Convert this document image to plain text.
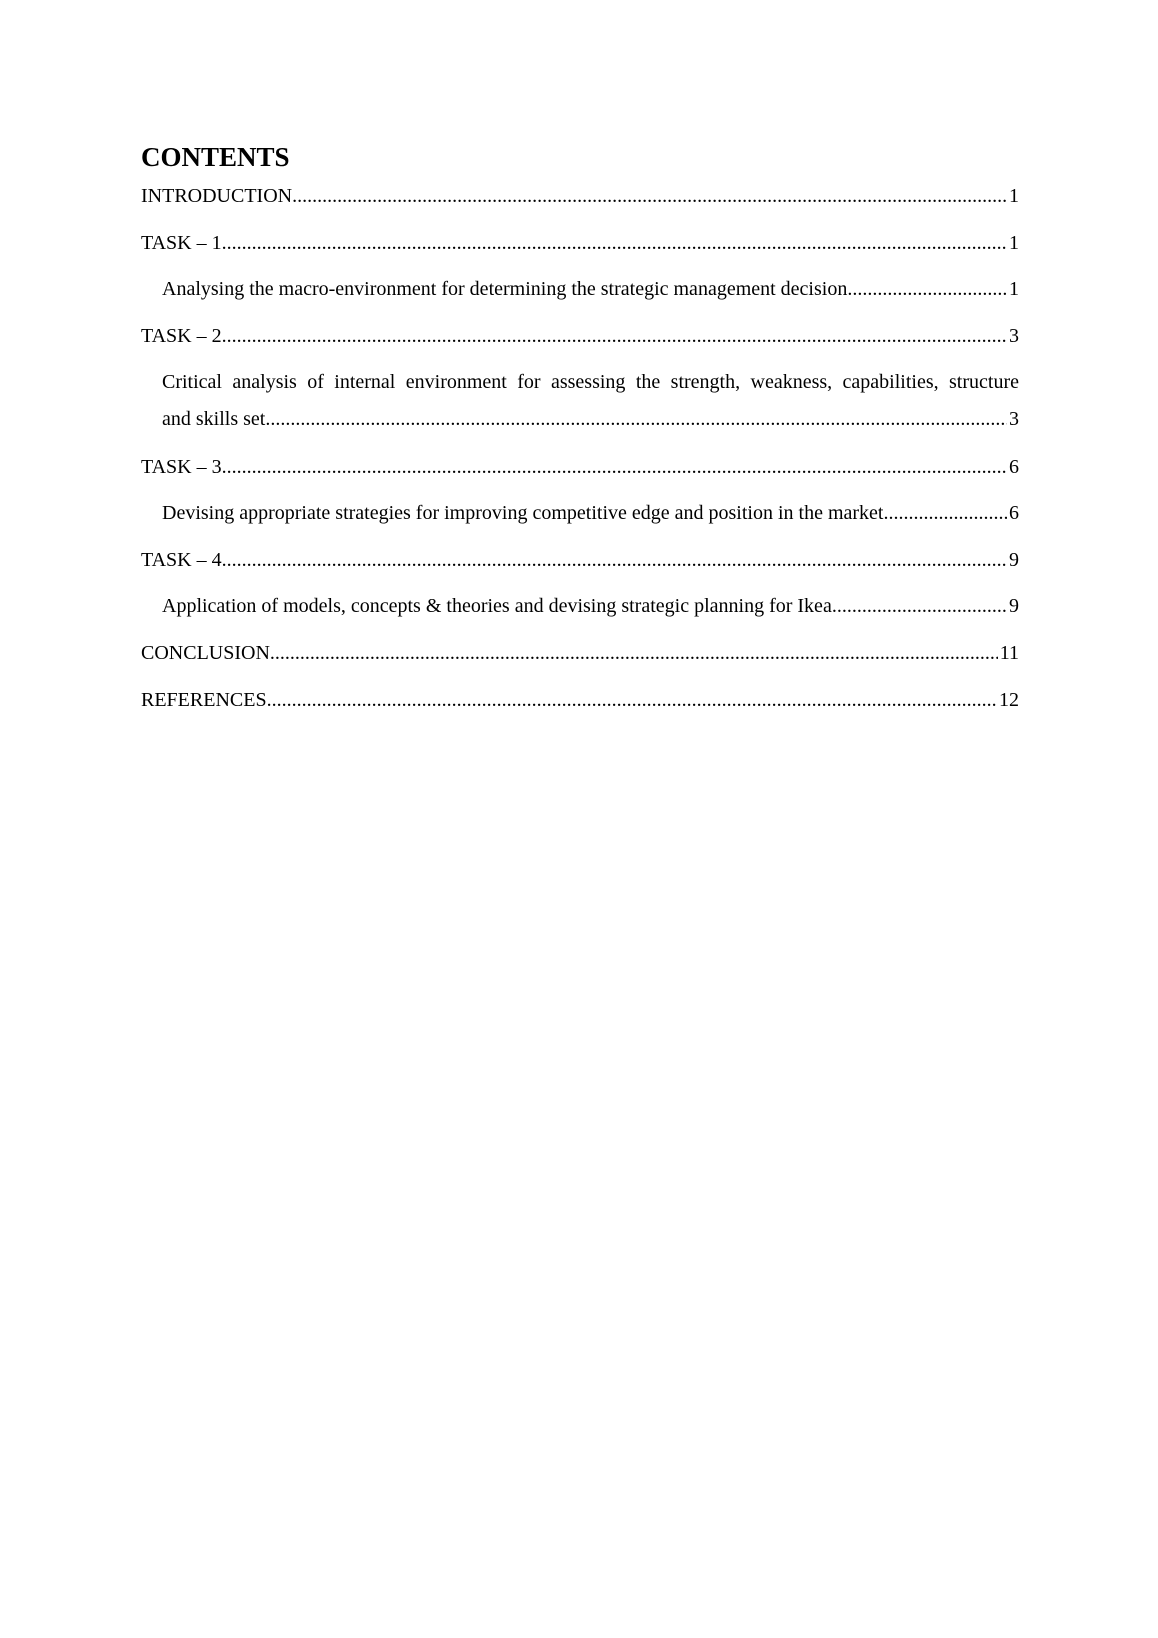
CONTENTS
INTRODUCTION .....	1
TASK – 1 .....	1
Analysing the macro-environment for determining the strategic management decision .....	1
TASK – 2 .....	3
Critical analysis of internal environment for assessing the strength, weakness, capabilities, structure
and skills set .....	3
TASK – 3 .....	6
Devising appropriate strategies for improving competitive edge and position in the market .....	6
TASK – 4 .....	9
Application of models, concepts & theories and devising strategic planning for Ikea .....	9
CONCLUSION .....	11
REFERENCES .....	12
